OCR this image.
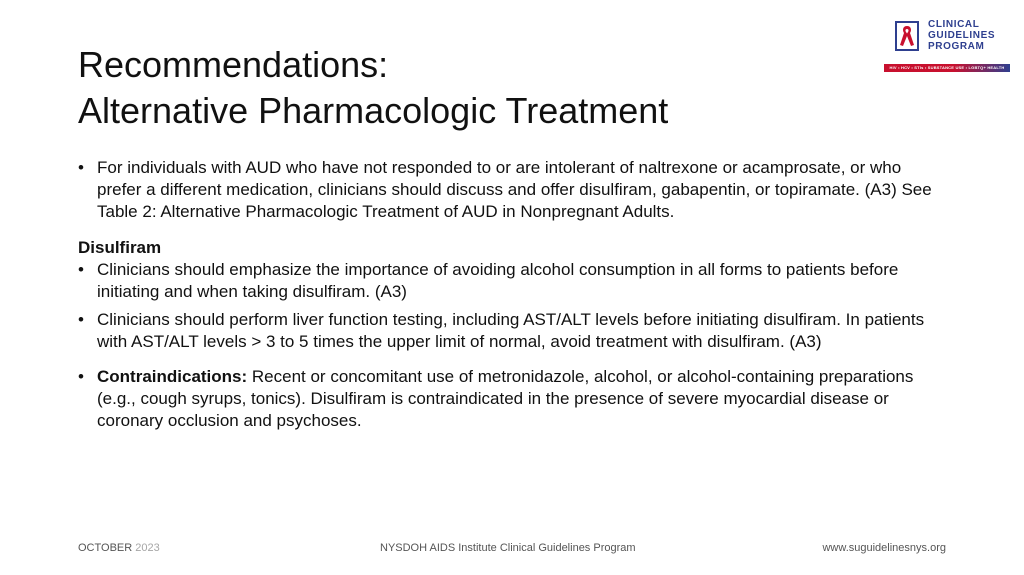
Recommendations:
Alternative Pharmacologic Treatment
CLINICAL
GUIDELINES
PROGRAM
HIV • HCV • STIs • SUBSTANCE USE • LGBTQ+ HEALTH

• For individuals with AUD who have not responded to or are intolerant of naltrexone or acamprosate, or who prefer a different medication, clinicians should discuss and offer disulfiram, gabapentin, or topiramate. (A3) See Table 2: Alternative Pharmacologic Treatment of AUD in Nonpregnant Adults.

Disulfiram

• Clinicians should emphasize the importance of avoiding alcohol consumption in all forms to patients before initiating and when taking disulfiram. (A3)

• Clinicians should perform liver function testing, including AST/ALT levels before initiating disulfiram. In patients with AST/ALT levels > 3 to 5 times the upper limit of normal, avoid treatment with disulfiram. (A3)

• Contraindications: Recent or concomitant use of metronidazole, alcohol, or alcohol-containing preparations (e.g., cough syrups, tonics). Disulfiram is contraindicated in the presence of severe myocardial disease or coronary occlusion and psychoses.

OCTOBER 2023	NYSDOH AIDS Institute Clinical Guidelines Program	www.suguidelinesnys.org
